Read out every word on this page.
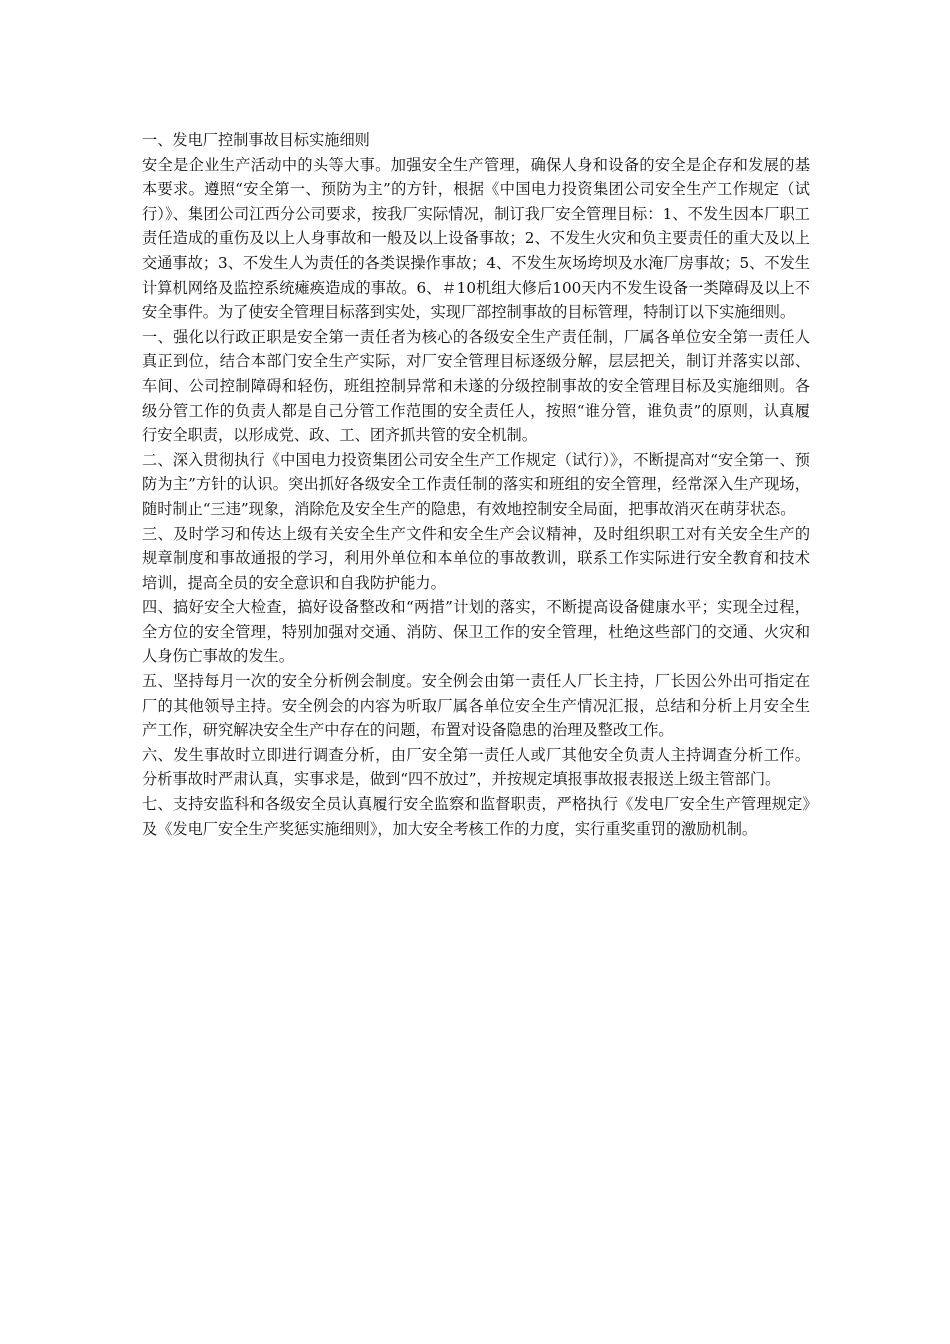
一、发电厂控制事故目标实施细则

安全是企业生产活动中的头等大事。加强安全生产管理，确保人身和设备的安全是企存和发展的基本要求。遵照“安全第一、预防为主”的方针，根据《中国电力投资集团公司安全生产工作规定（试行）》、集团公司江西分公司要求，按我厂实际情况，制订我厂安全管理目标：1、不发生因本厂职工责任造成的重伤及以上人身事故和一般及以上设备事故；2、不发生火灾和负主要责任的重大及以上交通事故；3、不发生人为责任的各类误操作事故；4、不发生灰场垮坝及水淹厂房事故；5、不发生计算机网络及监控系统瘫痪造成的事故。6、＃10机组大修后100天内不发生设备一类障碍及以上不安全事件。为了使安全管理目标落到实处，实现厂部控制事故的目标管理，特制订以下实施细则。

一、强化以行政正职是安全第一责任者为核心的各级安全生产责任制，厂属各单位安全第一责任人真正到位，结合本部门安全生产实际，对厂安全管理目标逐级分解，层层把关，制订并落实以部、车间、公司控制障碍和轻伤，班组控制异常和未遂的分级控制事故的安全管理目标及实施细则。各级分管工作的负责人都是自己分管工作范围的安全责任人，按照“谁分管，谁负责”的原则，认真履行安全职责，以形成党、政、工、团齐抓共管的安全机制。

二、深入贯彻执行《中国电力投资集团公司安全生产工作规定（试行）》，不断提高对“安全第一、预防为主”方针的认识。突出抓好各级安全工作责任制的落实和班组的安全管理，经常深入生产现场，随时制止“三违”现象，消除危及安全生产的隐患，有效地控制安全局面，把事故消灭在萌芽状态。

三、及时学习和传达上级有关安全生产文件和安全生产会议精神，及时组织职工对有关安全生产的规章制度和事故通报的学习，利用外单位和本单位的事故教训，联系工作实际进行安全教育和技术培训，提高全员的安全意识和自我防护能力。

四、搞好安全大检查，搞好设备整改和“两措”计划的落实，不断提高设备健康水平；实现全过程，全方位的安全管理，特别加强对交通、消防、保卫工作的安全管理，杜绝这些部门的交通、火灾和人身伤亡事故的发生。

五、坚持每月一次的安全分析例会制度。安全例会由第一责任人厂长主持，厂长因公外出可指定在厂的其他领导主持。安全例会的内容为听取厂属各单位安全生产情况汇报，总结和分析上月安全生产工作，研究解决安全生产中存在的问题，布置对设备隐患的治理及整改工作。

六、发生事故时立即进行调查分析，由厂安全第一责任人或厂其他安全负责人主持调查分析工作。分析事故时严肃认真，实事求是，做到“四不放过”，并按规定填报事故报表报送上级主管部门。

七、支持安监科和各级安全员认真履行安全监察和监督职责，严格执行《发电厂安全生产管理规定》及《发电厂安全生产奖惩实施细则》，加大安全考核工作的力度，实行重奖重罚的激励机制。
